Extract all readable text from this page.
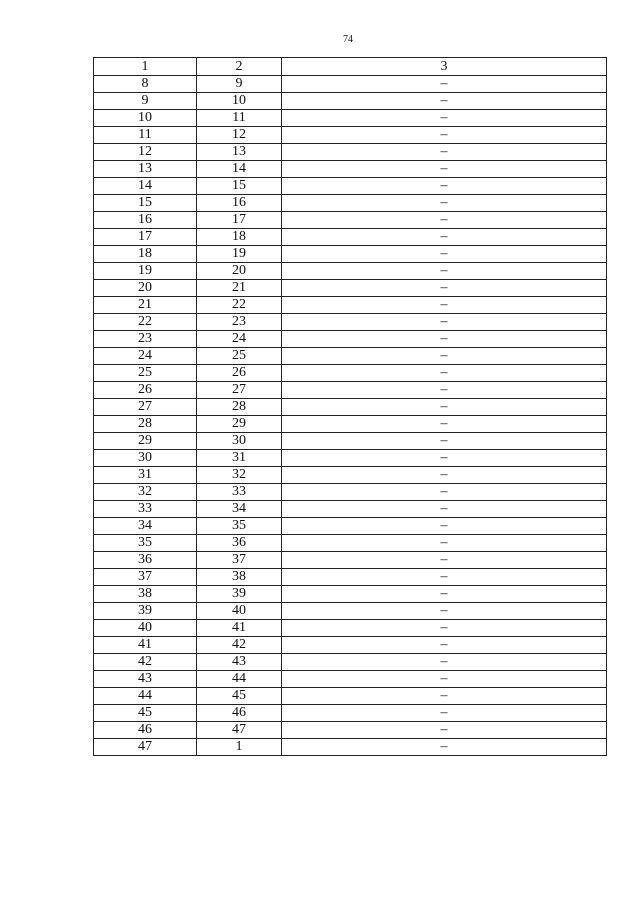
74
1	2	3
8	9	–
9	10	–
10	11	–
11	12	–
12	13	–
13	14	–
14	15	–
15	16	–
16	17	–
17	18	–
18	19	–
19	20	–
20	21	–
21	22	–
22	23	–
23	24	–
24	25	–
25	26	–
26	27	–
27	28	–
28	29	–
29	30	–
30	31	–
31	32	–
32	33	–
33	34	–
34	35	–
35	36	–
36	37	–
37	38	–
38	39	–
39	40	–
40	41	–
41	42	–
42	43	–
43	44	–
44	45	–
45	46	–
46	47	–
47	1	–
